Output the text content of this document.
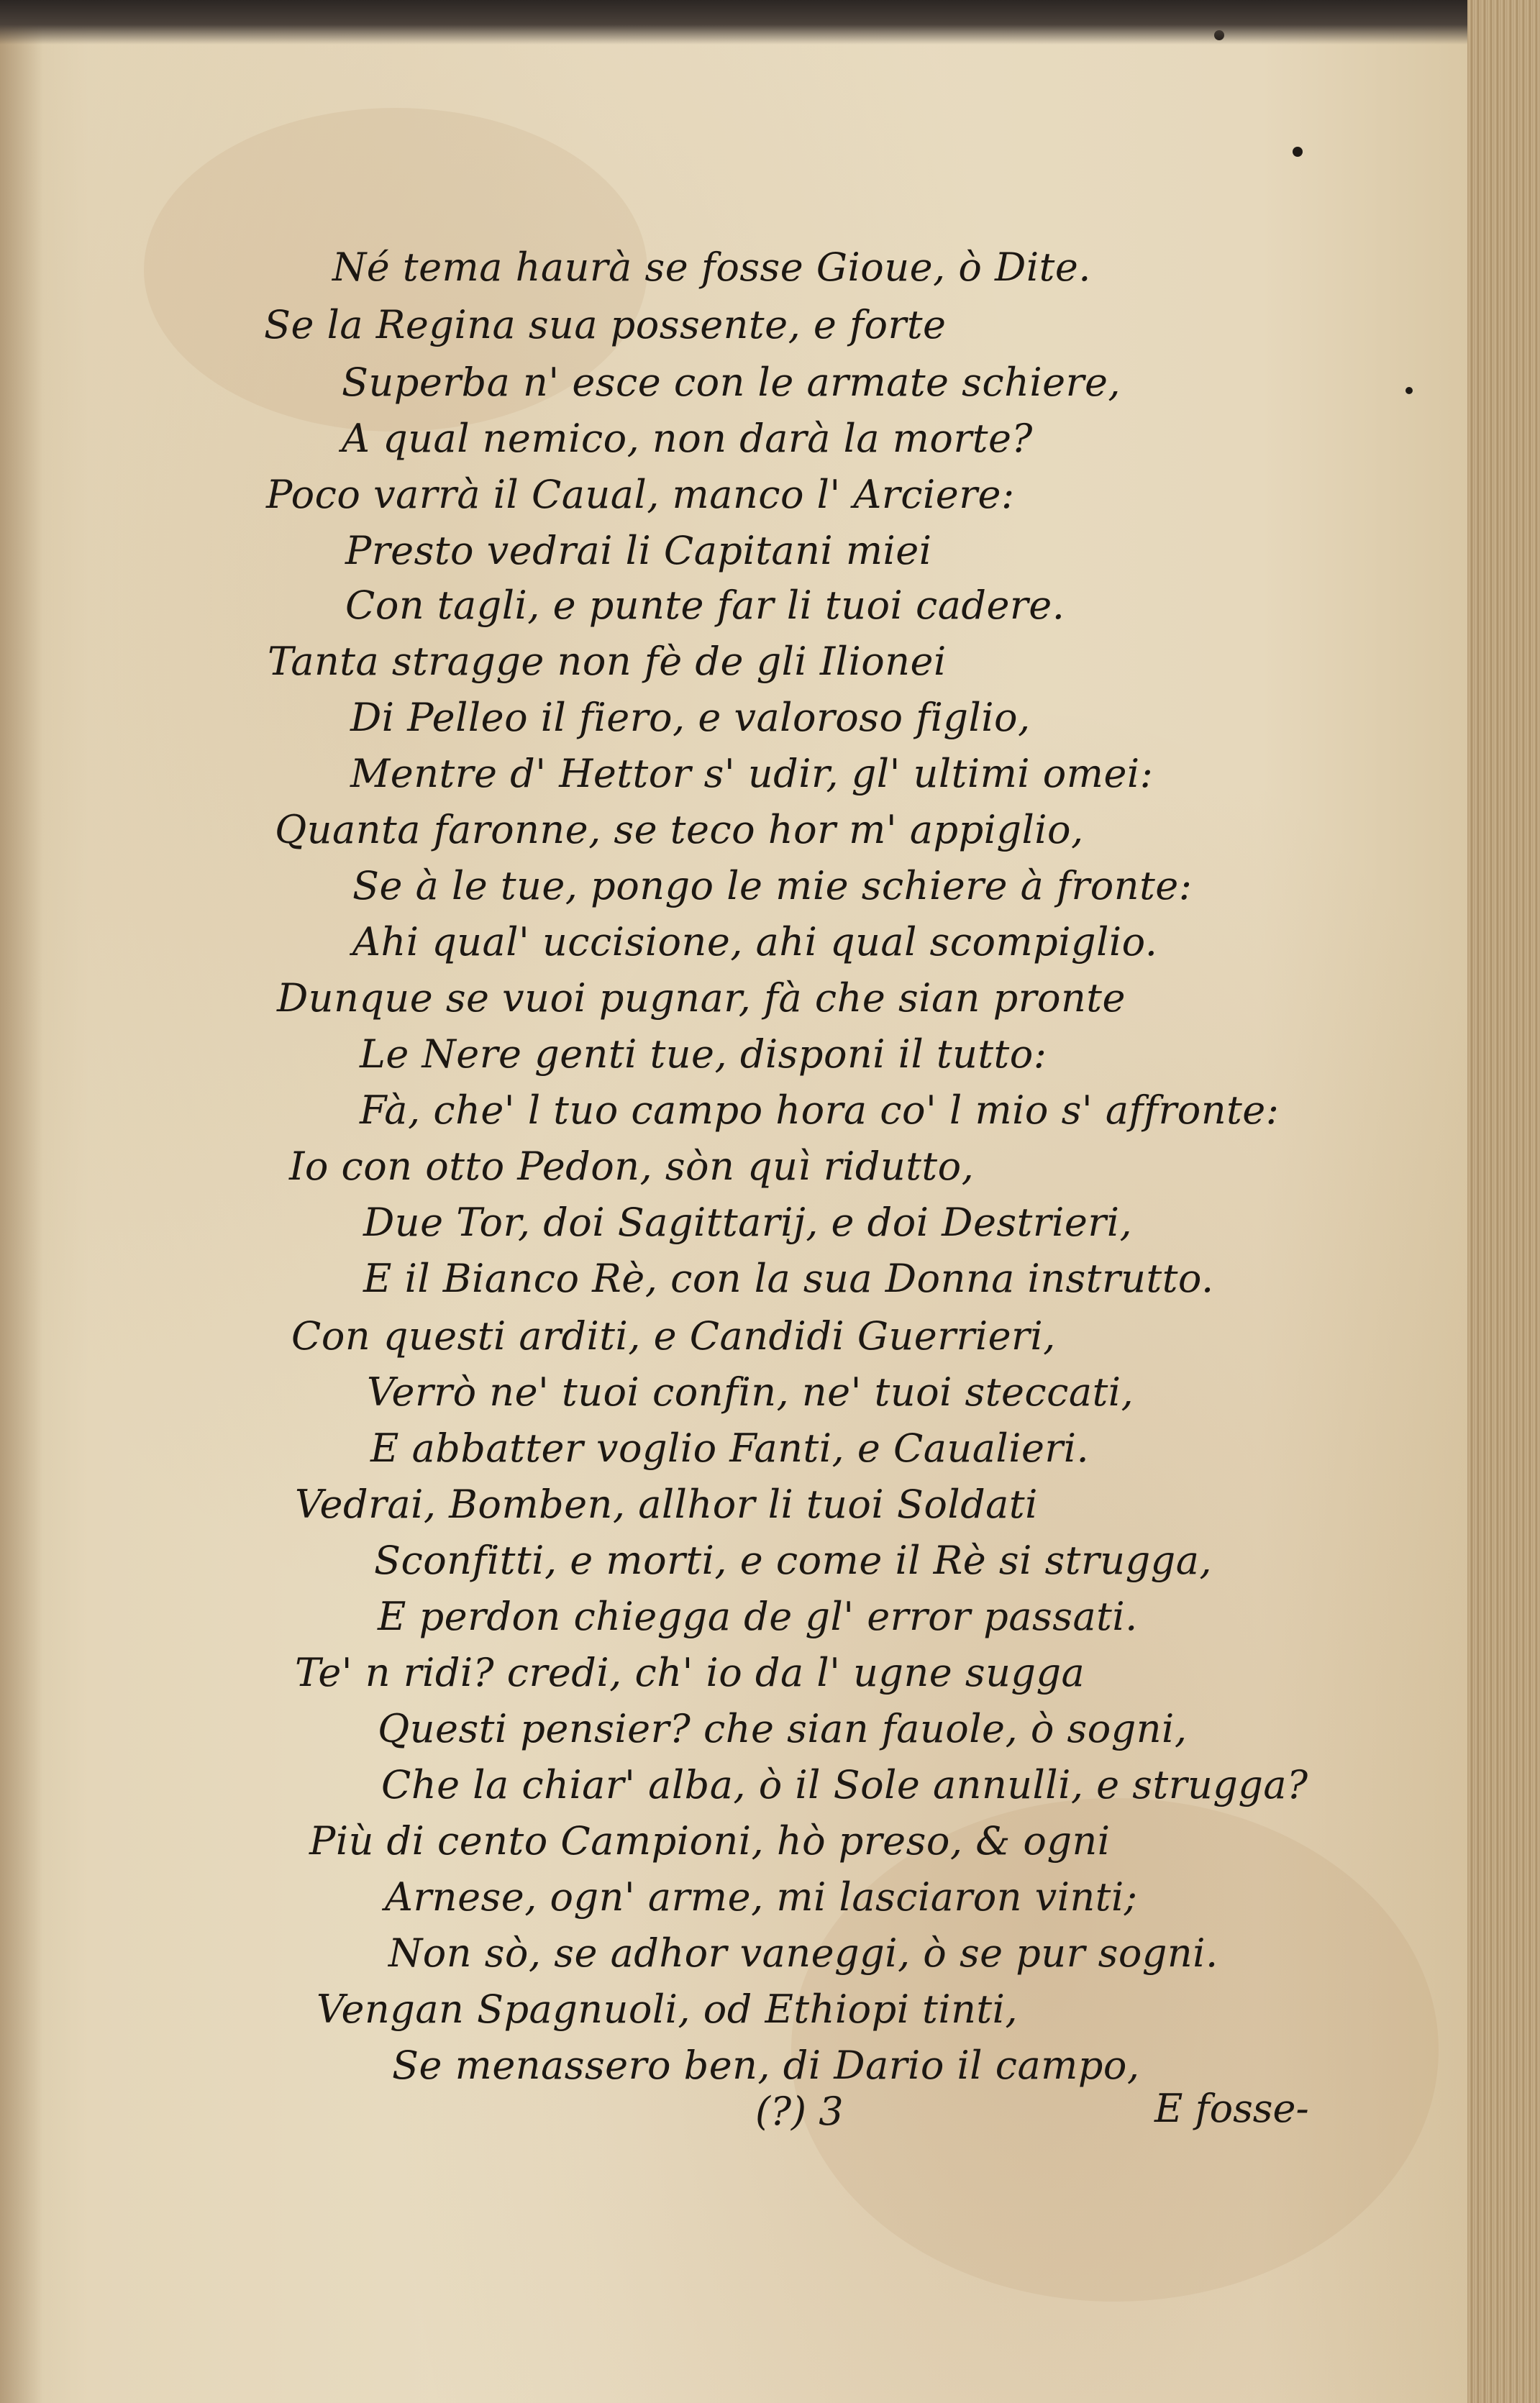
Né tema haurà se fosse Gioue, ò Dite.
Se la Regina sua possente, e forte
Superba n' esce con le armate schiere,
A qual nemico, non darà la morte?
Poco varrà il Caual, manco l' Arciere:
Presto vedrai li Capitani miei
Con tagli, e punte far li tuoi cadere.
Tanta stragge non fè de gli Ilionei
Di Pelleo il fiero, e valoroso figlio,
Mentre d' Hettor s' udir, gl' ultimi omei:
Quanta faronne, se teco hor m' appiglio,
Se à le tue, pongo le mie schiere à fronte:
Ahi qual' uccisione, ahi qual scompiglio.
Dunque se vuoi pugnar, fà che sian pronte
Le Nere genti tue, disponi il tutto:
Fà, che' l tuo campo hora co' l mio s' affronte:
Io con otto Pedon, sòn quì ridutto,
Due Tor, doi Sagittarij, e doi Destrieri,
E il Bianco Rè, con la sua Donna instrutto.
Con questi arditi, e Candidi Guerrieri,
Verrò ne' tuoi confin, ne' tuoi steccati,
E abbatter voglio Fanti, e Caualieri.
Vedrai, Bomben, allhor li tuoi Soldati
Sconfitti, e morti, e come il Rè si strugga,
E perdon chiegga de gl' error passati.
Te' n ridi? credi, ch' io da l' ugne sugga
Questi pensier? che sian fauole, ò sogni,
Che la chiar' alba, ò il Sole annulli, e strugga?
Più di cento Campioni, hò preso, & ogni
Arnese, ogn' arme, mi lasciaron vinti;
Non sò, se adhor vaneggi, ò se pur sogni.
Vengan Spagnuoli, od Ethiopi tinti,
Se menassero ben, di Dario il campo,
(?) 3	E fosse-
